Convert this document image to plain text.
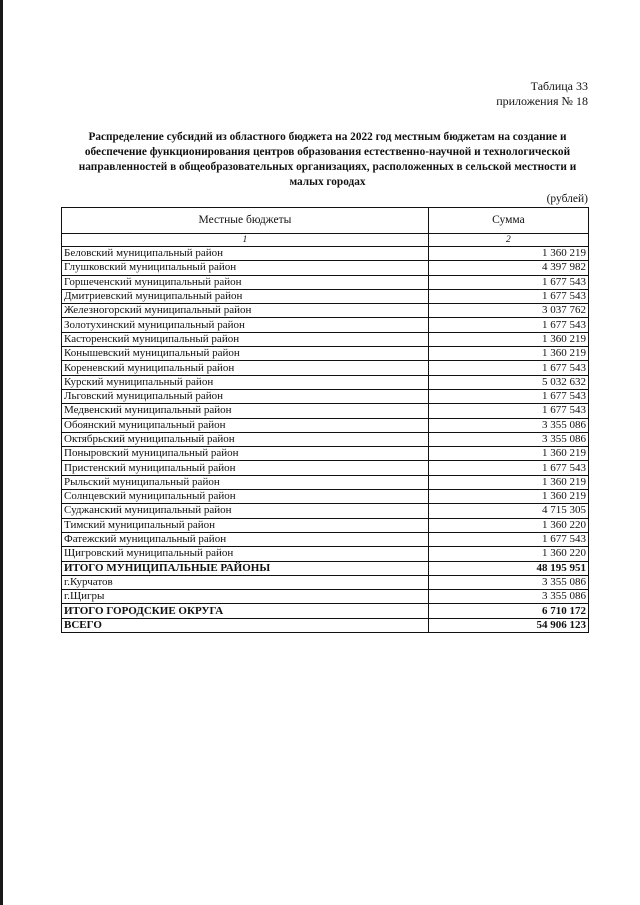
Таблица 33
приложения № 18
Распределение субсидий из областного бюджета на 2022 год местным бюджетам на создание и обеспечение функционирования центров образования естественно-научной и технологической направленностей в общеобразовательных организациях, расположенных в сельской местности и малых городах
(рублей)
Местные бюджеты	Сумма
1	2
Беловский муниципальный район	1 360 219
Глушковский муниципальный район	4 397 982
Горшеченский муниципальный район	1 677 543
Дмитриевский муниципальный район	1 677 543
Железногорский муниципальный район	3 037 762
Золотухинский муниципальный район	1 677 543
Касторенский муниципальный район	1 360 219
Конышевский муниципальный район	1 360 219
Кореневский муниципальный район	1 677 543
Курский муниципальный район	5 032 632
Льговский муниципальный район	1 677 543
Медвенский муниципальный район	1 677 543
Обоянский муниципальный район	3 355 086
Октябрьский муниципальный район	3 355 086
Поныровский муниципальный район	1 360 219
Пристенский муниципальный район	1 677 543
Рыльский муниципальный район	1 360 219
Солнцевский муниципальный район	1 360 219
Суджанский муниципальный район	4 715 305
Тимский муниципальный район	1 360 220
Фатежский муниципальный район	1 677 543
Щигровский муниципальный район	1 360 220
ИТОГО МУНИЦИПАЛЬНЫЕ РАЙОНЫ	48 195 951
г.Курчатов	3 355 086
г.Щигры	3 355 086
ИТОГО ГОРОДСКИЕ ОКРУГА	6 710 172
ВСЕГО	54 906 123
